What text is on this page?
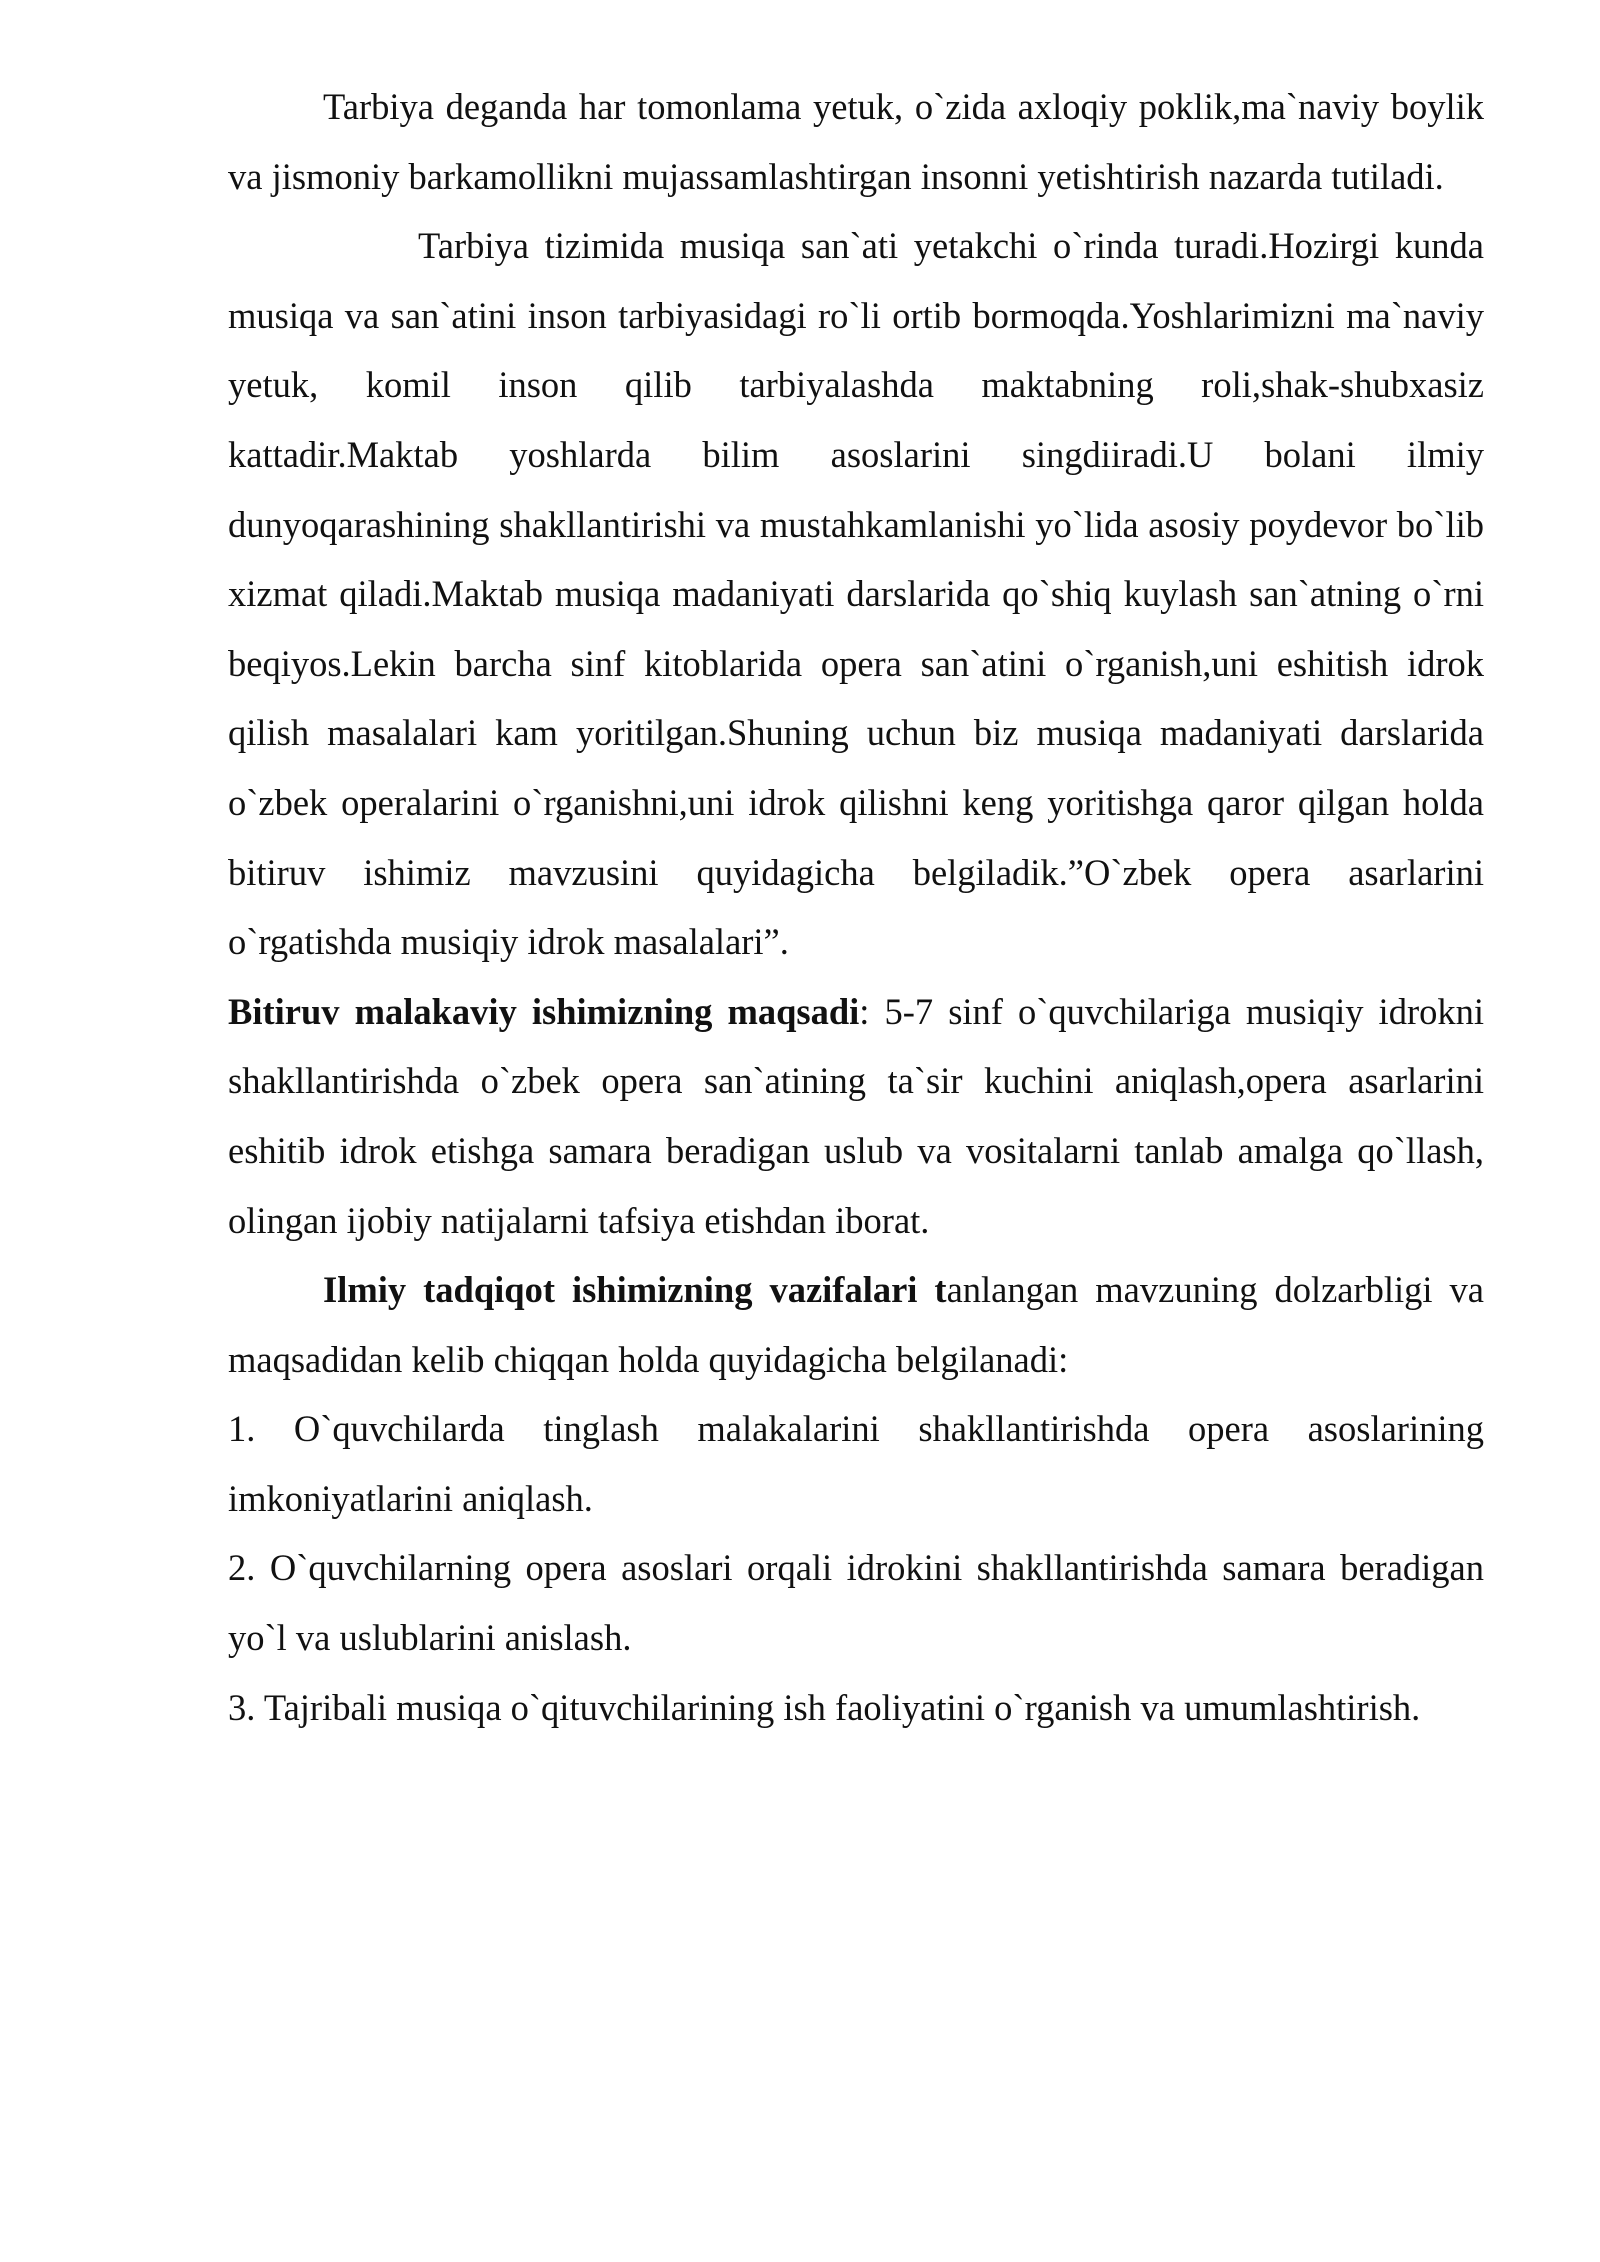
Tarbiya deganda har tomonlama yetuk, o`zida axloqiy poklik,ma`naviy boylik va jismoniy barkamollikni mujassamlashtirgan insonni yetishtirish nazarda tutiladi.

Tarbiya tizimida musiqa san`ati yetakchi o`rinda turadi.Hozirgi kunda musiqa va san`atini inson tarbiyasidagi ro`li ortib bormoqda.Yoshlarimizni ma`naviy yetuk, komil inson qilib tarbiyalashda maktabning roli,shak-shubxasiz kattadir.Maktab yoshlarda bilim asoslarini singdiiradi.U bolani ilmiy dunyoqarashining shakllantirishi va mustahkamlanishi yo`lida asosiy poydevor bo`lib xizmat qiladi.Maktab musiqa madaniyati darslarida qo`shiq kuylash san`atning o`rni beqiyos.Lekin barcha sinf kitoblarida opera san`atini o`rganish,uni eshitish idrok qilish masalalari kam yoritilgan.Shuning uchun biz musiqa madaniyati darslarida o`zbek operalarini o`rganishni,uni idrok qilishni keng yoritishga qaror qilgan holda bitiruv ishimiz mavzusini quyidagicha belgiladik.”O`zbek opera asarlarini o`rgatishda musiqiy idrok masalalari”.

Bitiruv malakaviy ishimizning maqsadi: 5-7 sinf o`quvchilariga musiqiy idrokni shakllantirishda o`zbek opera san`atining ta`sir kuchini aniqlash,opera asarlarini eshitib idrok etishga samara beradigan uslub va vositalarni tanlab amalga qo`llash, olingan ijobiy natijalarni tafsiya etishdan iborat.

Ilmiy tadqiqot ishimizning vazifalari tanlangan mavzuning dolzarbligi va maqsadidan kelib chiqqan holda quyidagicha belgilanadi:

1. O`quvchilarda tinglash malakalarini shakllantirishda opera asoslarining imkoniyatlarini aniqlash.

2. O`quvchilarning opera asoslari orqali idrokini shakllantirishda samara beradigan yo`l va uslublarini anislash.

3. Tajribali musiqa o`qituvchilarining ish faoliyatini o`rganish va umumlashtirish.
